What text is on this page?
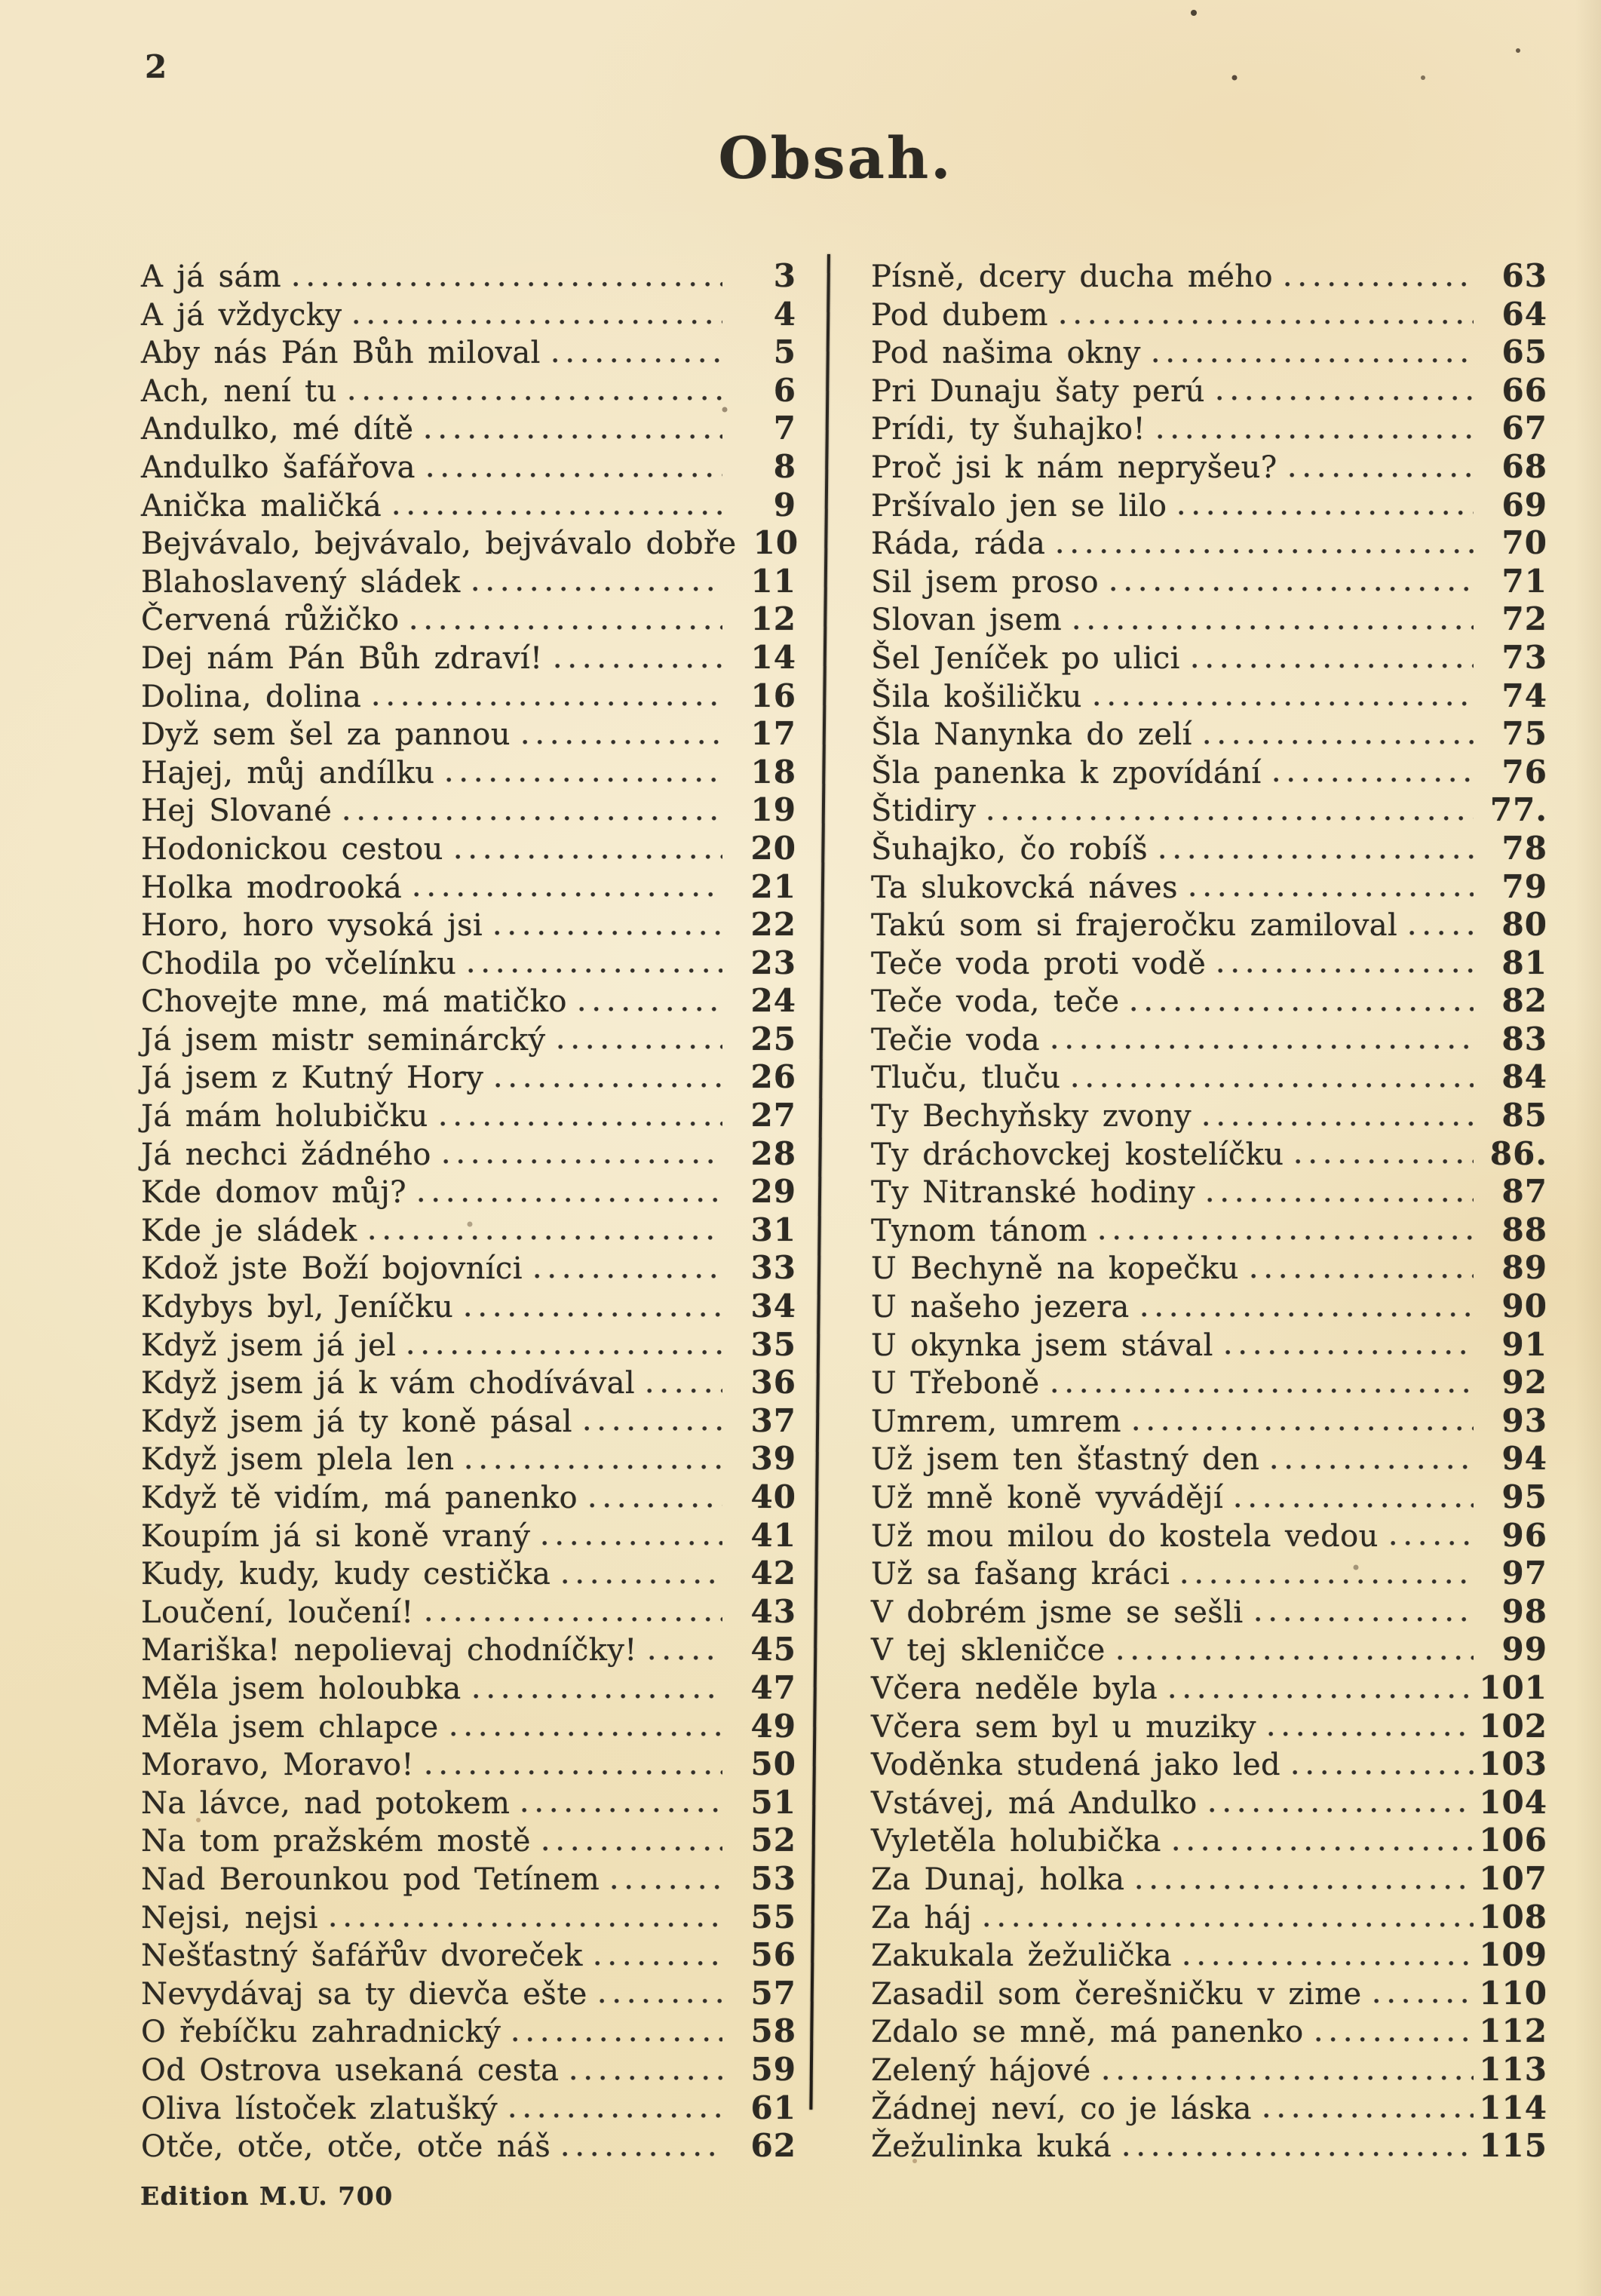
2
Obsah.
A já sám	3
A já vždycky	4
Aby nás Pán Bůh miloval	5
Ach, není tu	6
Andulko, mé dítě	7
Andulko šafářova	8
Anička maličká	9
Bejvávalo, bejvávalo, bejvávalo dobře 10
Blahoslavený sládek	11
Červená růžičko	12
Dej nám Pán Bůh zdraví!	14
Dolina, dolina	16
Dyž sem šel za pannou	17
Hajej, můj andílku	18
Hej Slované	19
Hodonickou cestou	20
Holka modrooká	21
Horo, horo vysoká jsi	22
Chodila po včelínku	23
Chovejte mne, má matičko	24
Já jsem mistr seminárcký	25
Já jsem z Kutný Hory	26
Já mám holubičku	27
Já nechci žádného	28
Kde domov můj?	29
Kde je sládek	31
Kdož jste Boží bojovníci	33
Kdybys byl, Jeníčku	34
Když jsem já jel	35
Když jsem já k vám chodívával	36
Když jsem já ty koně pásal	37
Když jsem plela len	39
Když tě vidím, má panenko	40
Koupím já si koně vraný	41
Kudy, kudy, kudy cestička	42
Loučení, loučení!	43
Mariška! nepolievaj chodníčky!	45
Měla jsem holoubka	47
Měla jsem chlapce	49
Moravo, Moravo!	50
Na lávce, nad potokem	51
Na tom pražském mostě	52
Nad Berounkou pod Tetínem	53
Nejsi, nejsi	55
Nešťastný šafářův dvoreček	56
Nevydávaj sa ty dievča ešte	57
O řebíčku zahradnický	58
Od Ostrova usekaná cesta	59
Oliva lístoček zlatušký	61
Otče, otče, otče, otče náš	62
Písně, dcery ducha mého	63
Pod dubem	64
Pod našima okny	65
Pri Dunaju šaty perú	66
Prídi, ty šuhajko!	67
Proč jsi k nám nepryšeu?	68
Pršívalo jen se lilo	69
Ráda, ráda	70
Sil jsem proso	71
Slovan jsem	72
Šel Jeníček po ulici	73
Šila košiličku	74
Šla Nanynka do zelí	75
Šla panenka k zpovídání	76
Štidiry	77.
Šuhajko, čo robíš	78
Ta slukovcká náves	79
Takú som si frajeročku zamiloval	80
Teče voda proti vodě	81
Teče voda, teče	82
Tečie voda	83
Tluču, tluču	84
Ty Bechyňsky zvony	85
Ty dráchovckej kostelíčku	86.
Ty Nitranské hodiny	87
Tynom tánom	88
U Bechyně na kopečku	89
U našeho jezera	90
U okynka jsem stával	91
U Třeboně	92
Umrem, umrem	93
Už jsem ten šťastný den	94
Už mně koně vyvádějí	95
Už mou milou do kostela vedou	96
Už sa fašang kráci	97
V dobrém jsme se sešli	98
V tej skleničce	99
Včera neděle byla	101
Včera sem byl u muziky	102
Voděnka studená jako led	103
Vstávej, má Andulko	104
Vyletěla holubička	106
Za Dunaj, holka	107
Za háj	108
Zakukala žežulička	109
Zasadil som čerešničku v zime	110
Zdalo se mně, má panenko	112
Zelený hájové	113
Žádnej neví, co je láska	114
Žežulinka kuká	115
Edition M.U. 700
